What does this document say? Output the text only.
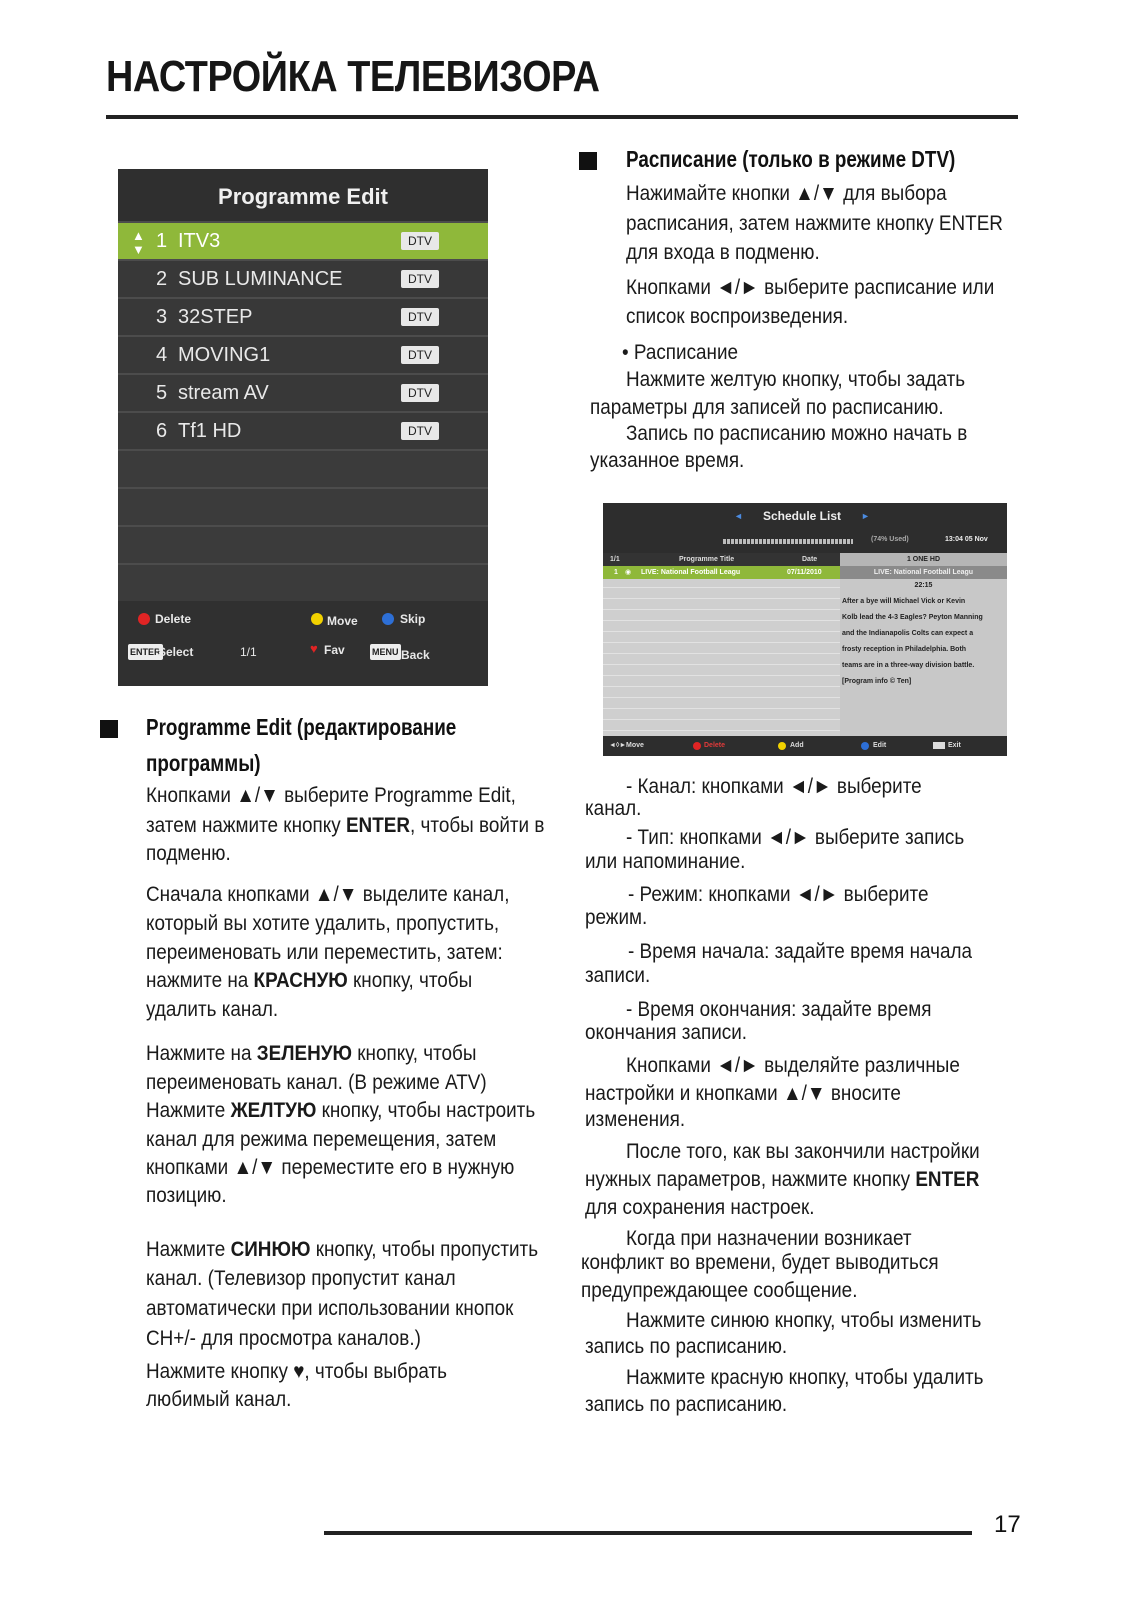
НАСТРОЙКА ТЕЛЕВИЗОРА
Programme Edit
▲
▼ 1 ITV3	DTV
2 SUB LUMINANCE	DTV
3 32STEP	DTV
4 MOVING1	DTV
5 stream AV	DTV
6 Tf1 HD	DTV
Delete	Move	Skip
ENTER
Select	1/1	♥ Fav	MENU Back
Programme Edit (редактирование
программы)
Кнопками ▲/▼ выберите Programme Edit,
затем нажмите кнопку ENTER, чтобы войти в
подменю.
Сначала кнопками ▲/▼ выделите канал,
который вы хотите удалить, пропустить,
переименовать или переместить, затем:
нажмите на КРАСНУЮ кнопку, чтобы
удалить канал.
Нажмите на ЗЕЛЕНУЮ кнопку, чтобы
переименовать канал. (В режиме ATV)
Нажмите ЖЕЛТУЮ кнопку, чтобы настроить
канал для режима перемещения, затем
кнопками ▲/▼ переместите его в нужную
позицию.
Нажмите СИНЮЮ кнопку, чтобы пропустить
канал. (Телевизор пропустит канал
автоматически при использовании кнопок
CH+/- для просмотра каналов.)
Нажмите кнопку ♥, чтобы выбрать
любимый канал.
Расписание (только в режиме DTV)
Нажимайте кнопки ▲/▼ для выбора
расписания, затем нажмите кнопку ENTER
для входа в подменю.
Кнопками ◄/► выберите расписание или
список воспроизведения.
• Расписание
Нажмите желтую кнопку, чтобы задать
параметры для записей по расписанию.
Запись по расписанию можно начать в
указанное время.
◄ Schedule List ►
(74% Used)	13:04 05 Nov
1/1	Programme Title	Date
1 ◉ LIVE: National Football Leagu	07/11/2010
1 ONE HD
LIVE: National Football Leagu
22:15
After a bye will Michael Vick or Kevin
Kolb lead the 4-3 Eagles? Peyton Manning
and the Indianapolis Colts can expect a
frosty reception in Philadelphia. Both
teams are in a three-way division battle.
[Program info © Ten]
◄◊► Move	Delete	Add	Edit	Exit
- Канал: кнопками ◄/► выберите
канал.
- Тип: кнопками ◄/► выберите запись
или напоминание.
- Режим: кнопками ◄/► выберите
режим.
- Время начала: задайте время начала
записи.
- Время окончания: задайте время
окончания записи.
Кнопками ◄/► выделяйте различные
настройки и кнопками ▲/▼ вносите
изменения.
После того, как вы закончили настройки
нужных параметров, нажмите кнопку ENTER
для сохранения настроек.
Когда при назначении возникает
конфликт во времени, будет выводиться
предупреждающее сообщение.
Нажмите синюю кнопку, чтобы изменить
запись по расписанию.
Нажмите красную кнопку, чтобы удалить
запись по расписанию.
17
